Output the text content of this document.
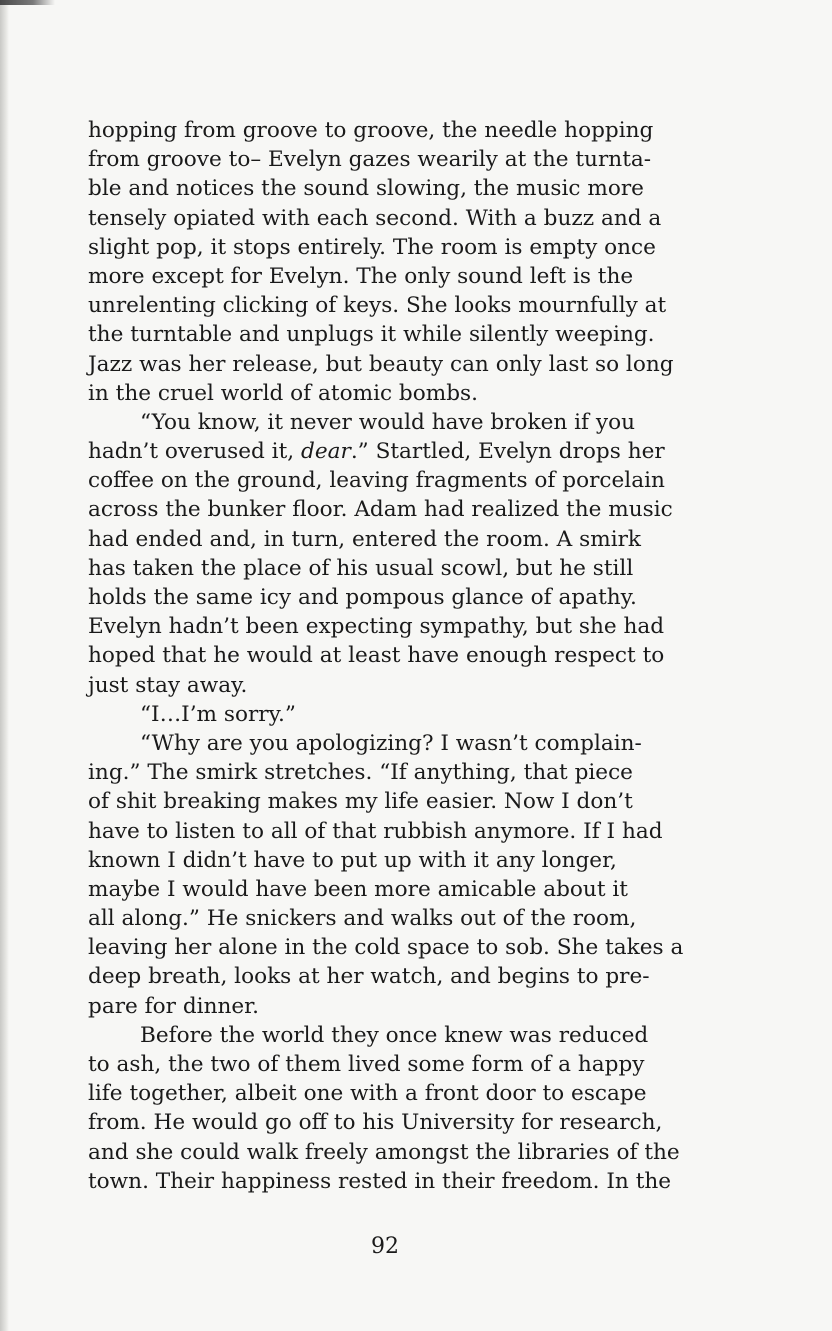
hopping from groove to groove, the needle hopping
from groove to– Evelyn gazes wearily at the turnta-
ble and notices the sound slowing, the music more
tensely opiated with each second. With a buzz and a
slight pop, it stops entirely. The room is empty once
more except for Evelyn. The only sound left is the
unrelenting clicking of keys. She looks mournfully at
the turntable and unplugs it while silently weeping.
Jazz was her release, but beauty can only last so long
in the cruel world of atomic bombs.
“You know, it never would have broken if you
hadn’t overused it, dear.” Startled, Evelyn drops her
coffee on the ground, leaving fragments of porcelain
across the bunker floor. Adam had realized the music
had ended and, in turn, entered the room. A smirk
has taken the place of his usual scowl, but he still
holds the same icy and pompous glance of apathy.
Evelyn hadn’t been expecting sympathy, but she had
hoped that he would at least have enough respect to
just stay away.
“I…I’m sorry.”
“Why are you apologizing? I wasn’t complain-
ing.” The smirk stretches. “If anything, that piece
of shit breaking makes my life easier. Now I don’t
have to listen to all of that rubbish anymore. If I had
known I didn’t have to put up with it any longer,
maybe I would have been more amicable about it
all along.” He snickers and walks out of the room,
leaving her alone in the cold space to sob. She takes a
deep breath, looks at her watch, and begins to pre-
pare for dinner.
Before the world they once knew was reduced
to ash, the two of them lived some form of a happy
life together, albeit one with a front door to escape
from. He would go off to his University for research,
and she could walk freely amongst the libraries of the
town. Their happiness rested in their freedom. In the
92
